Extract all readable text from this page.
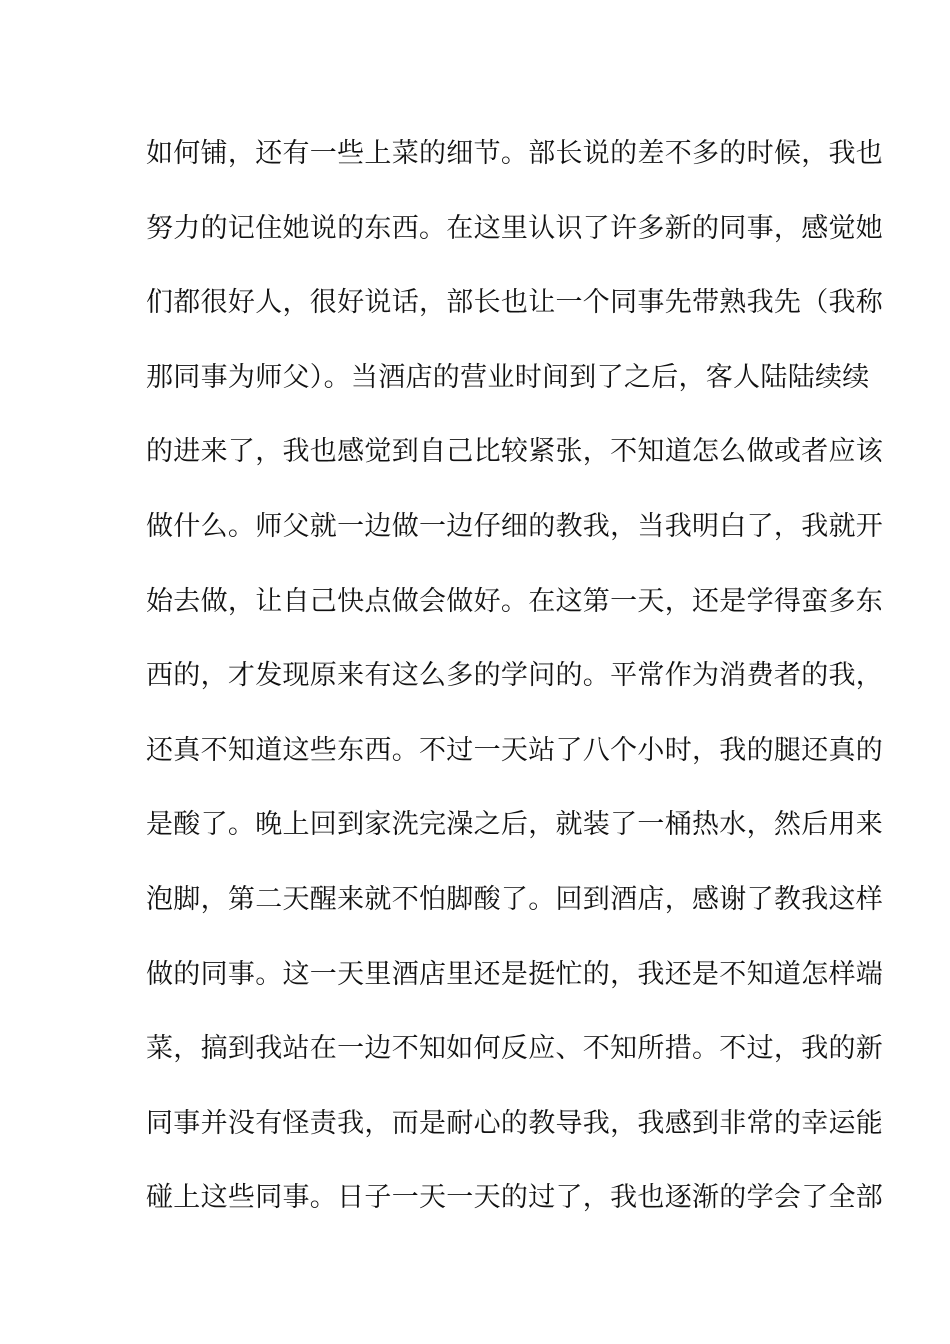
如何铺，还有一些上菜的细节。部长说的差不多的时候，我也
努力的记住她说的东西。在这里认识了许多新的同事，感觉她
们都很好人，很好说话，部长也让一个同事先带熟我先（我称
那同事为师父）。当酒店的营业时间到了之后，客人陆陆续续
的进来了，我也感觉到自己比较紧张，不知道怎么做或者应该
做什么。师父就一边做一边仔细的教我，当我明白了，我就开
始去做，让自己快点做会做好。在这第一天，还是学得蛮多东
西的，才发现原来有这么多的学问的。平常作为消费者的我，
还真不知道这些东西。不过一天站了八个小时，我的腿还真的
是酸了。晚上回到家洗完澡之后，就装了一桶热水，然后用来
泡脚，第二天醒来就不怕脚酸了。回到酒店，感谢了教我这样
做的同事。这一天里酒店里还是挺忙的，我还是不知道怎样端
菜，搞到我站在一边不知如何反应、不知所措。不过，我的新
同事并没有怪责我，而是耐心的教导我，我感到非常的幸运能
碰上这些同事。日子一天一天的过了，我也逐渐的学会了全部
